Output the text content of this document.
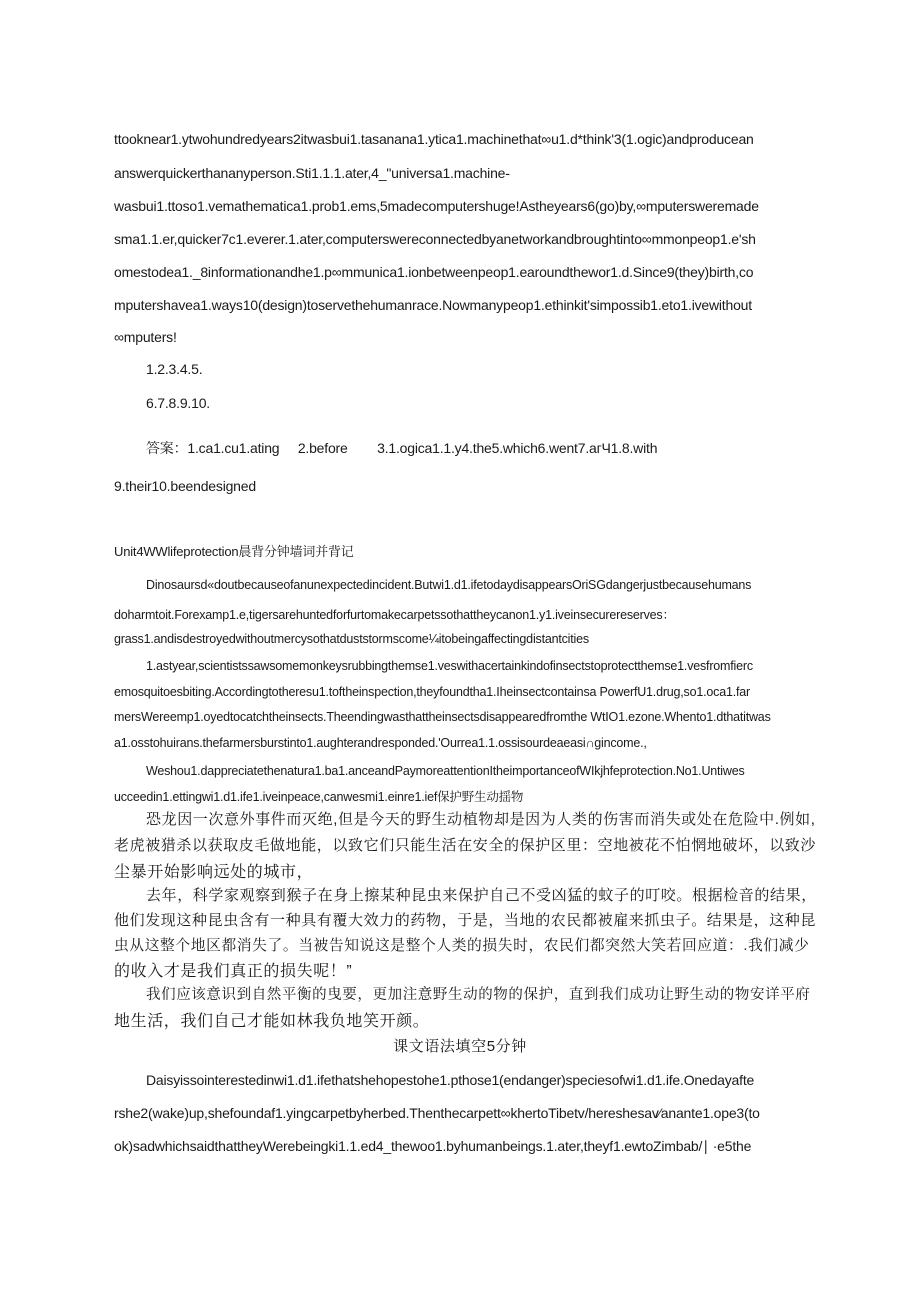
ttooknear1.ytwohundredyears2itwasbui1.tasanana1.ytica1.machinethat∞u1.d*think'3(1.ogic)andproducean
answerquickerthananyperson.Sti1.1.1.ater,4_"universa1.machine-
wasbui1.ttoso1.vemathematica1.prob1.ems,5madecomputershuge!Astheyears6(go)by,∞mputersweremade
sma1.1.er,quicker7c1.everer.1.ater,computerswereconnectedbyanetworkandbroughtinto∞mmonpeop1.e'sh
omestodea1._8informationandhe1.p∞mmunica1.ionbetweenpeop1.earoundthewor1.d.Since9(they)birth,co
mputershavea1.ways10(design)toservethehumanrace.Nowmanypeop1.ethinkit'simpossib1.eto1.ivewithout
∞mputers!
1.2.3.4.5.
6.7.8.9.10.
答案：1.ca1.cu1.ating     2.before        3.1.ogica1.1.y4.the5.which6.went7.aгЧ1.8.with
9.their10.beendesigned
Unit4WWlifeprotection晨背分钟墙词并背记
Dinosaursd«doutbecauseofanunexpectedincident.Butwi1.d1.ifetodaydisappearsOriSGdangerjustbecausehumans
doharmtoit.Forexamp1.e,tigersarehuntedforfurtomakecarpetssothattheycanon1.y1.iveinsecurereserves：
grass1.andisdestroyedwithoutmercysothatduststormscome¼itobeingaffectingdistantcities
1.astyear,scientistssawsomemonkeysrubbingthemse1.veswithacertainkindofinsectstoprotectthemse1.vesfromfierc
emosquitoesbiting.Accordingtotheresu1.toftheinspection,theyfoundtha1.Iheinsectcontainsa PowerfU1.drug,so1.oca1.far
mersWereemp1.oyedtocatchtheinsects.Theendingwasthattheinsectsdisappearedfromthe WtIO1.ezone.Whento1.dthatitwas
a1.osstohuirans.thefarmersburstinto1.aughterandresponded.'Ourrea1.1.ossisourdeaeasi∩gincome.,
Weshou1.dappreciatethenatura1.ba1.anceandPaymoreattentionItheimportanceofWIkjhfeprotection.No1.Untiwes
ucceedin1.ettingwi1.d1.ife1.iveinpeace,canwesmi1.einre1.ief保护野生动揺物
恐龙因一次意外事件而灭绝,但是今天的野生动植物却是因为人类的伤害而消失或处在危险中.例如,
老虎被猎杀以获取皮毛做地能，以致它们只能生活在安全的保护区里：空地被花不怕惘地破坏，以致沙
尘暴开始影响远处的城市，
去年，科学家观察到猴子在身上擦某种昆虫来保护自己不受凶猛的蚊子的叮咬。根据检音的结果，
他们发现这种昆虫含有一种具有覆大效力的药物，于是，当地的农民都被雇来抓虫子。结果是，这种昆
虫从这整个地区都消失了。当被告知说这是整个人类的损失时，农民们都突然大笑若回应道：.我们减少
的收入才是我们真正的损失呢！”
我们应该意识到自然平衡的曳要，更加注意野生动的物的保护，直到我们成功让野生动的物安详平府
地生活，我们自己才能如林我负地笑开颜。
课文语法填空5分钟
Daisyissointerestedinwi1.d1.ifethatshehopestohe1.pthose1(endanger)speciesofwi1.d1.ife.Onedayafte
rshe2(wake)up,shefoundaf1.yingcarpetbyherbed.Thenthecarpett∞khertoTibetv/hereshesav⁄anante1.ope3(to
ok)sadwhichsaidthattheyWerebeingki1.1.ed4_thewoo1.byhumanbeings.1.ater,theyf1.ewtoZimbab/∣ ·e5the
